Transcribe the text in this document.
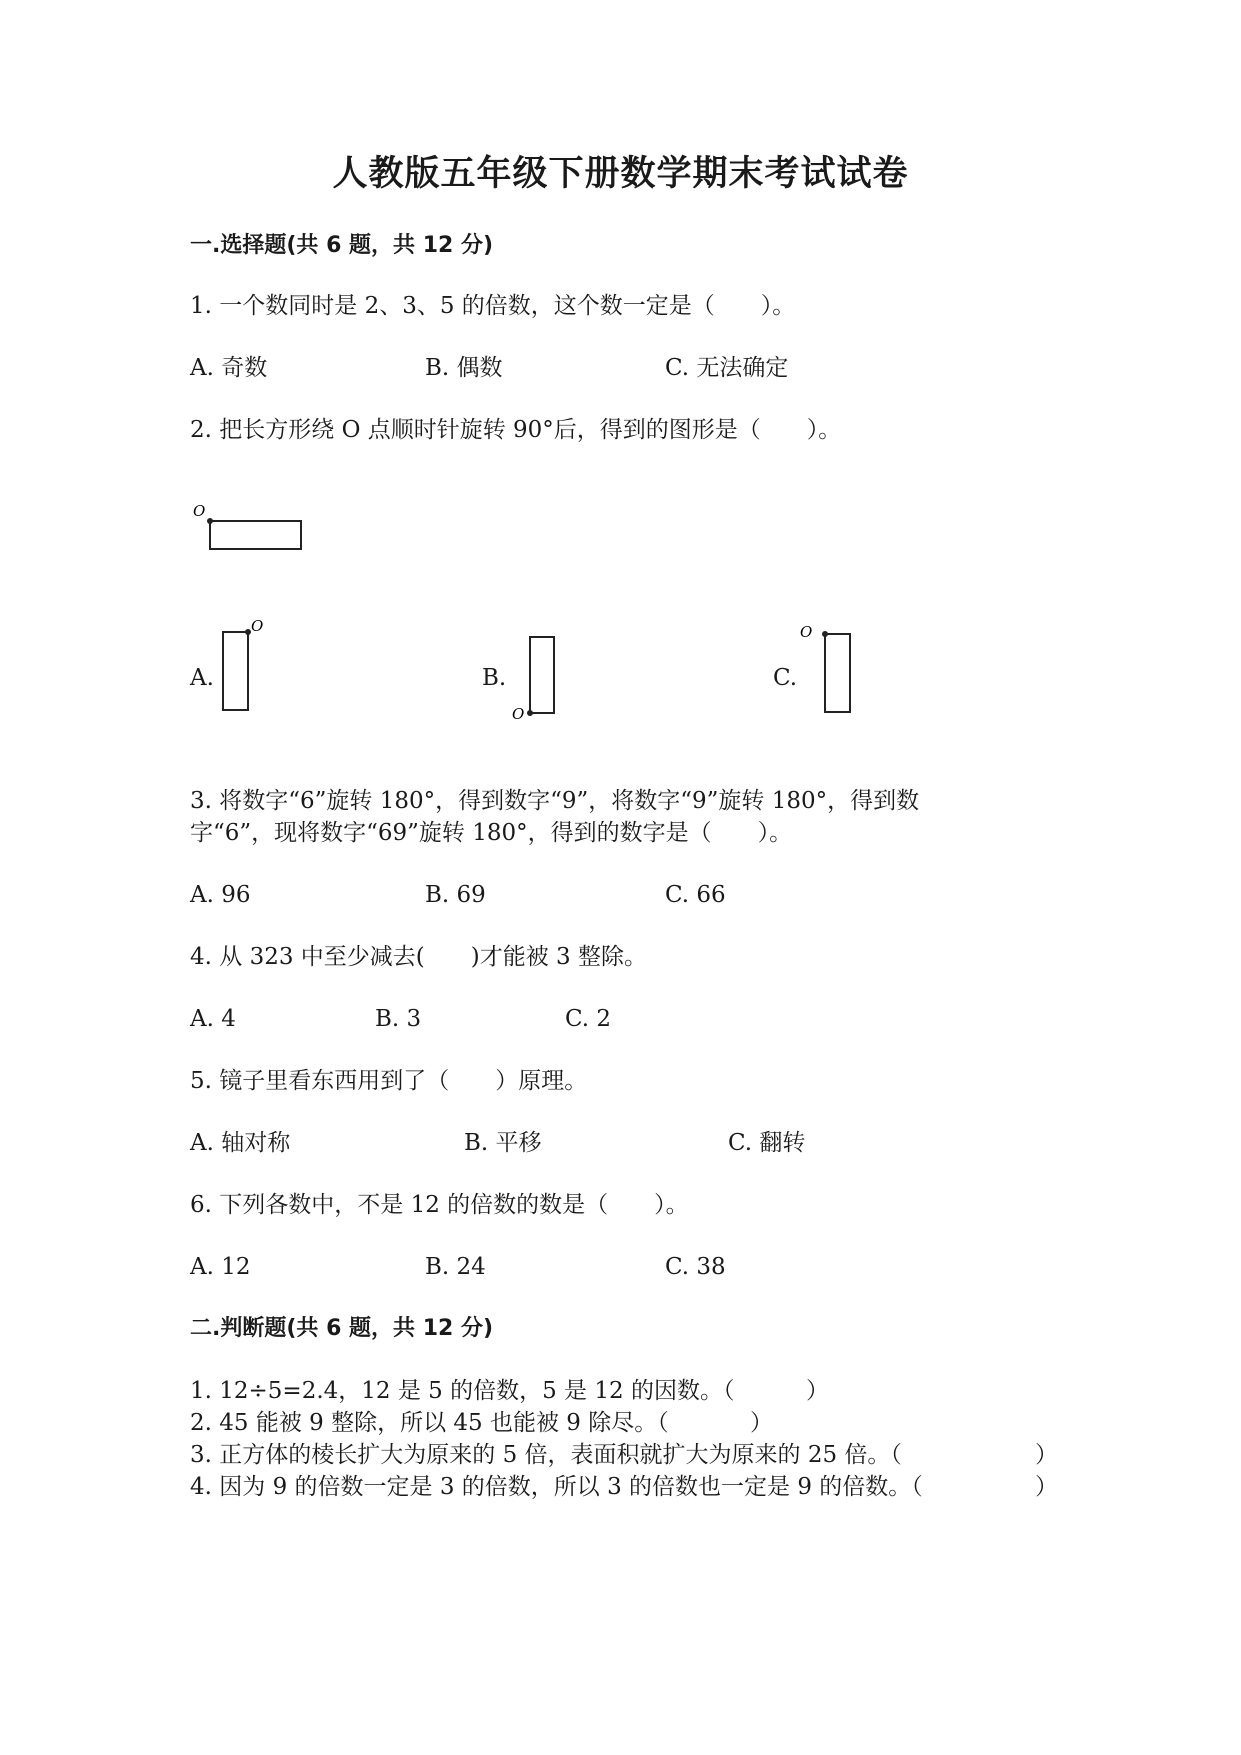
人教版五年级下册数学期末考试试卷
一.选择题(共 6 题，共 12 分)
1. 一个数同时是 2、3、5 的倍数，这个数一定是（　　）。
A. 奇数	B. 偶数	C. 无法确定
2. 把长方形绕 O 点顺时针旋转 90°后，得到的图形是（　　）。
O
A.
O
B.
O
C.
O
3. 将数字“6”旋转 180°，得到数字“9”，将数字“9”旋转 180°，得到数
字“6”，现将数字“69”旋转 180°，得到的数字是（　　）。
A. 96	B. 69	C. 66
4. 从 323 中至少减去(　　)才能被 3 整除。
A. 4	B. 3	C. 2
5. 镜子里看东西用到了（　　）原理。
A. 轴对称	B. 平移	C. 翻转
6. 下列各数中，不是 12 的倍数的数是（　　）。
A. 12	B. 24	C. 38
二.判断题(共 6 题，共 12 分)
1. 12÷5=2.4，12 是 5 的倍数，5 是 12 的因数。（	）
2. 45 能被 9 整除，所以 45 也能被 9 除尽。（	）
3. 正方体的棱长扩大为原来的 5 倍，表面积就扩大为原来的 25 倍。（	）
4. 因为 9 的倍数一定是 3 的倍数，所以 3 的倍数也一定是 9 的倍数。（	）
